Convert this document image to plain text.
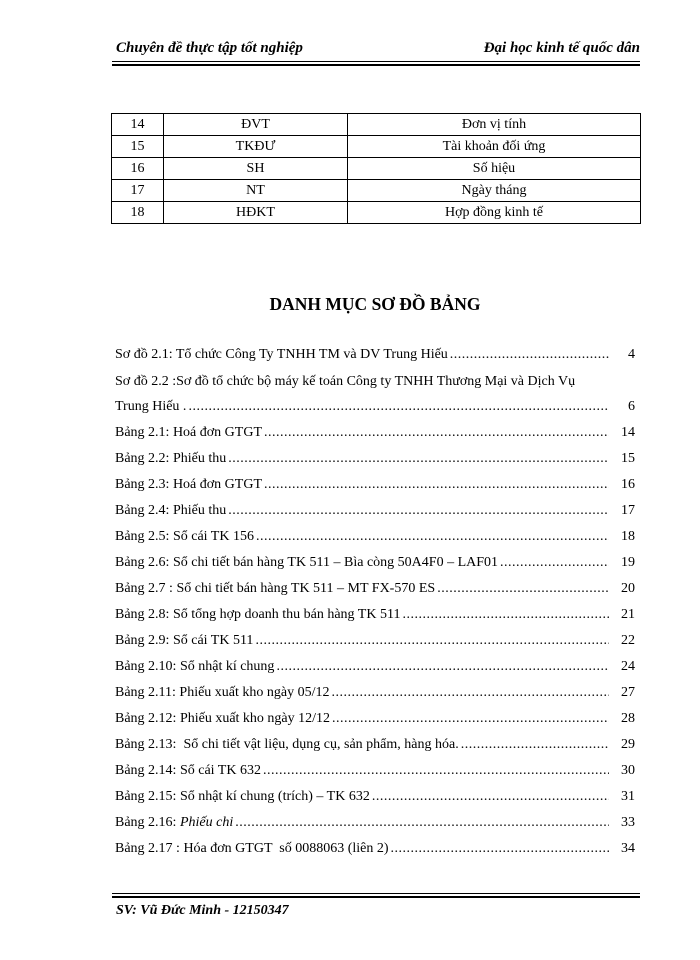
Chuyên đề thực tập tốt nghiệp	Đại học kinh tế quốc dân
14	ĐVT	Đơn vị tính
15	TKĐƯ	Tài khoản đối ứng
16	SH	Số hiệu
17	NT	Ngày tháng
18	HĐKT	Hợp đồng kinh tế
DANH MỤC SƠ ĐỒ BẢNG
Sơ đồ 2.1: Tổ chức Công Ty TNHH TM và DV Trung Hiếu .....	4
Sơ đồ 2.2 :Sơ đồ tổ chức bộ máy kế toán Công ty TNHH Thương Mại và Dịch Vụ
Trung Hiếu . .....	6
Bảng 2.1: Hoá đơn GTGT .....	14
Bảng 2.2: Phiếu thu .....	15
Bảng 2.3: Hoá đơn GTGT .....	16
Bảng 2.4: Phiếu thu .....	17
Bảng 2.5: Sổ cái TK 156 .....	18
Bảng 2.6: Sổ chi tiết bán hàng TK 511 – Bìa còng 50A4F0 – LAF01 .....	19
Bảng 2.7 : Sổ chi tiết bán hàng TK 511 – MT FX-570 ES .....	20
Bảng 2.8: Sổ tổng hợp doanh thu bán hàng TK 511 .....	21
Bảng 2.9: Sổ cái TK 511 .....	22
Bảng 2.10: Sổ nhật kí chung .....	24
Bảng 2.11: Phiếu xuất kho ngày 05/12 .....	27
Bảng 2.12: Phiếu xuất kho ngày 12/12 .....	28
Bảng 2.13:  Sổ chi tiết vật liệu, dụng cụ, sản phẩm, hàng hóa. .....	29
Bảng 2.14: Sổ cái TK 632 .....	30
Bảng 2.15: Sổ nhật kí chung (trích) – TK 632 .....	31
Bảng 2.16: Phiếu chi .....	33
Bảng 2.17 : Hóa đơn GTGT  số 0088063 (liên 2) .....	34
SV: Vũ Đức Minh - 12150347
